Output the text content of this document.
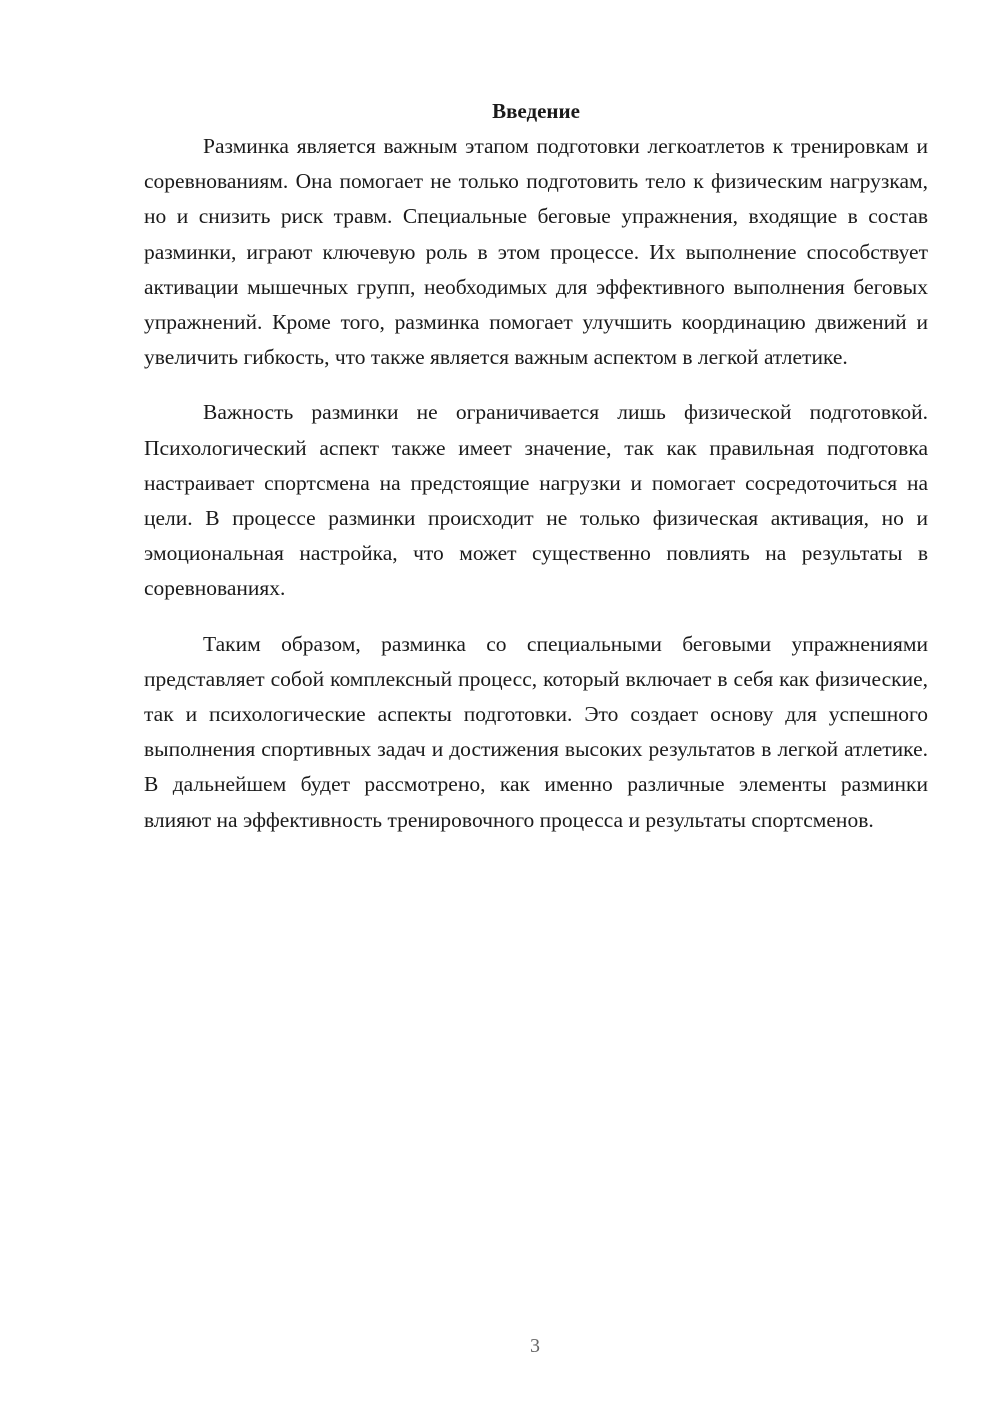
Введение

Разминка является важным этапом подготовки легкоатлетов к тренировкам и соревнованиям. Она помогает не только подготовить тело к физическим нагрузкам, но и снизить риск травм. Специальные беговые упражнения, входящие в состав разминки, играют ключевую роль в этом процессе. Их выполнение способствует активации мышечных групп, необходимых для эффективного выполнения беговых упражнений. Кроме того, разминка помогает улучшить координацию движений и увеличить гибкость, что также является важным аспектом в легкой атлетике.

Важность разминки не ограничивается лишь физической подготовкой. Психологический аспект также имеет значение, так как правильная подготовка настраивает спортсмена на предстоящие нагрузки и помогает сосредоточиться на цели. В процессе разминки происходит не только физическая активация, но и эмоциональная настройка, что может существенно повлиять на результаты в соревнованиях.

Таким образом, разминка со специальными беговыми упражнениями представляет собой комплексный процесс, который включает в себя как физические, так и психологические аспекты подготовки. Это создает основу для успешного выполнения спортивных задач и достижения высоких результатов в легкой атлетике. В дальнейшем будет рассмотрено, как именно различные элементы разминки влияют на эффективность тренировочного процесса и результаты спортсменов.

3
